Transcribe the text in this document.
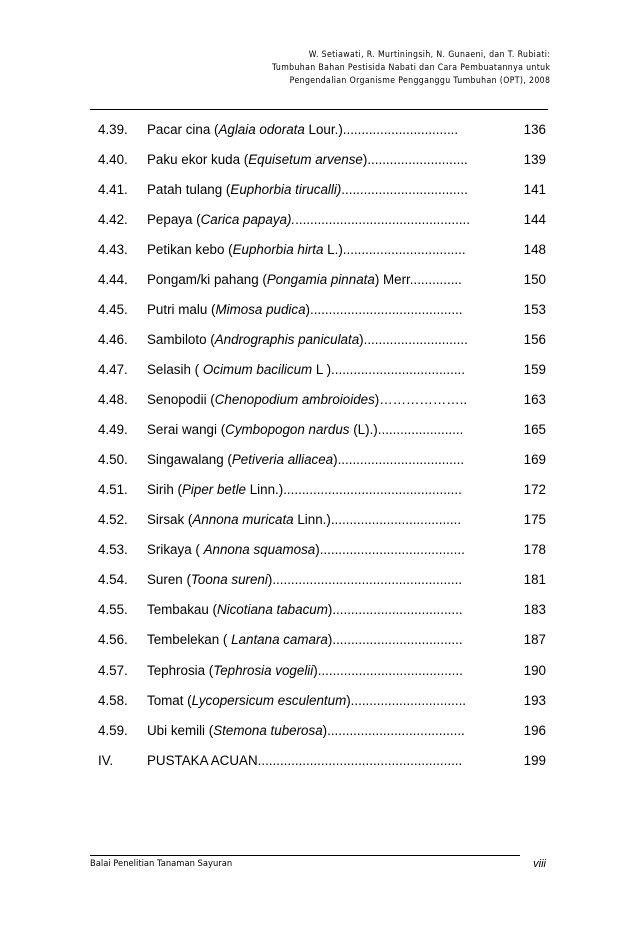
W. Setiawati, R. Murtiningsih, N. Gunaeni, dan T. Rubiati:
Tumbuhan Bahan Pestisida Nabati dan Cara Pembuatannya untuk
Pengendalian Organisme Pengganggu Tumbuhan (OPT), 2008
4.39. Pacar cina (Aglaia odorata Lour.)...............................	136
4.40. Paku ekor kuda (Equisetum arvense)...........................	139
4.41. Patah tulang (Euphorbia tirucalli)..................................	141
4.42. Pepaya (Carica papaya)................................................	144
4.43. Petikan kebo (Euphorbia hirta L.).................................	148
4.44. Pongam/ki pahang (Pongamia pinnata) Merr..............	150
4.45. Putri malu (Mimosa pudica).........................................	153
4.46. Sambiloto (Andrographis paniculata)............................	156
4.47. Selasih ( Ocimum bacilicum L )....................................	159
4.48. Senopodii (Chenopodium ambroioides)………………..	163
4.49. Serai wangi (Cymbopogon nardus (L).).......................	165
4.50. Singawalang (Petiveria alliacea)..................................	169
4.51. Sirih (Piper betle Linn.)................................................	172
4.52. Sirsak (Annona muricata Linn.)...................................	175
4.53. Srikaya ( Annona squamosa).......................................	178
4.54. Suren (Toona sureni)...................................................	181
4.55. Tembakau (Nicotiana tabacum)...................................	183
4.56. Tembelekan ( Lantana camara)...................................	187
4.57. Tephrosia (Tephrosia vogelii).......................................	190
4.58. Tomat (Lycopersicum esculentum)...............................	193
4.59. Ubi kemili (Stemona tuberosa).....................................	196
IV.	PUSTAKA ACUAN.......................................................	199
Balai Penelitian Tanaman Sayuran	viii
